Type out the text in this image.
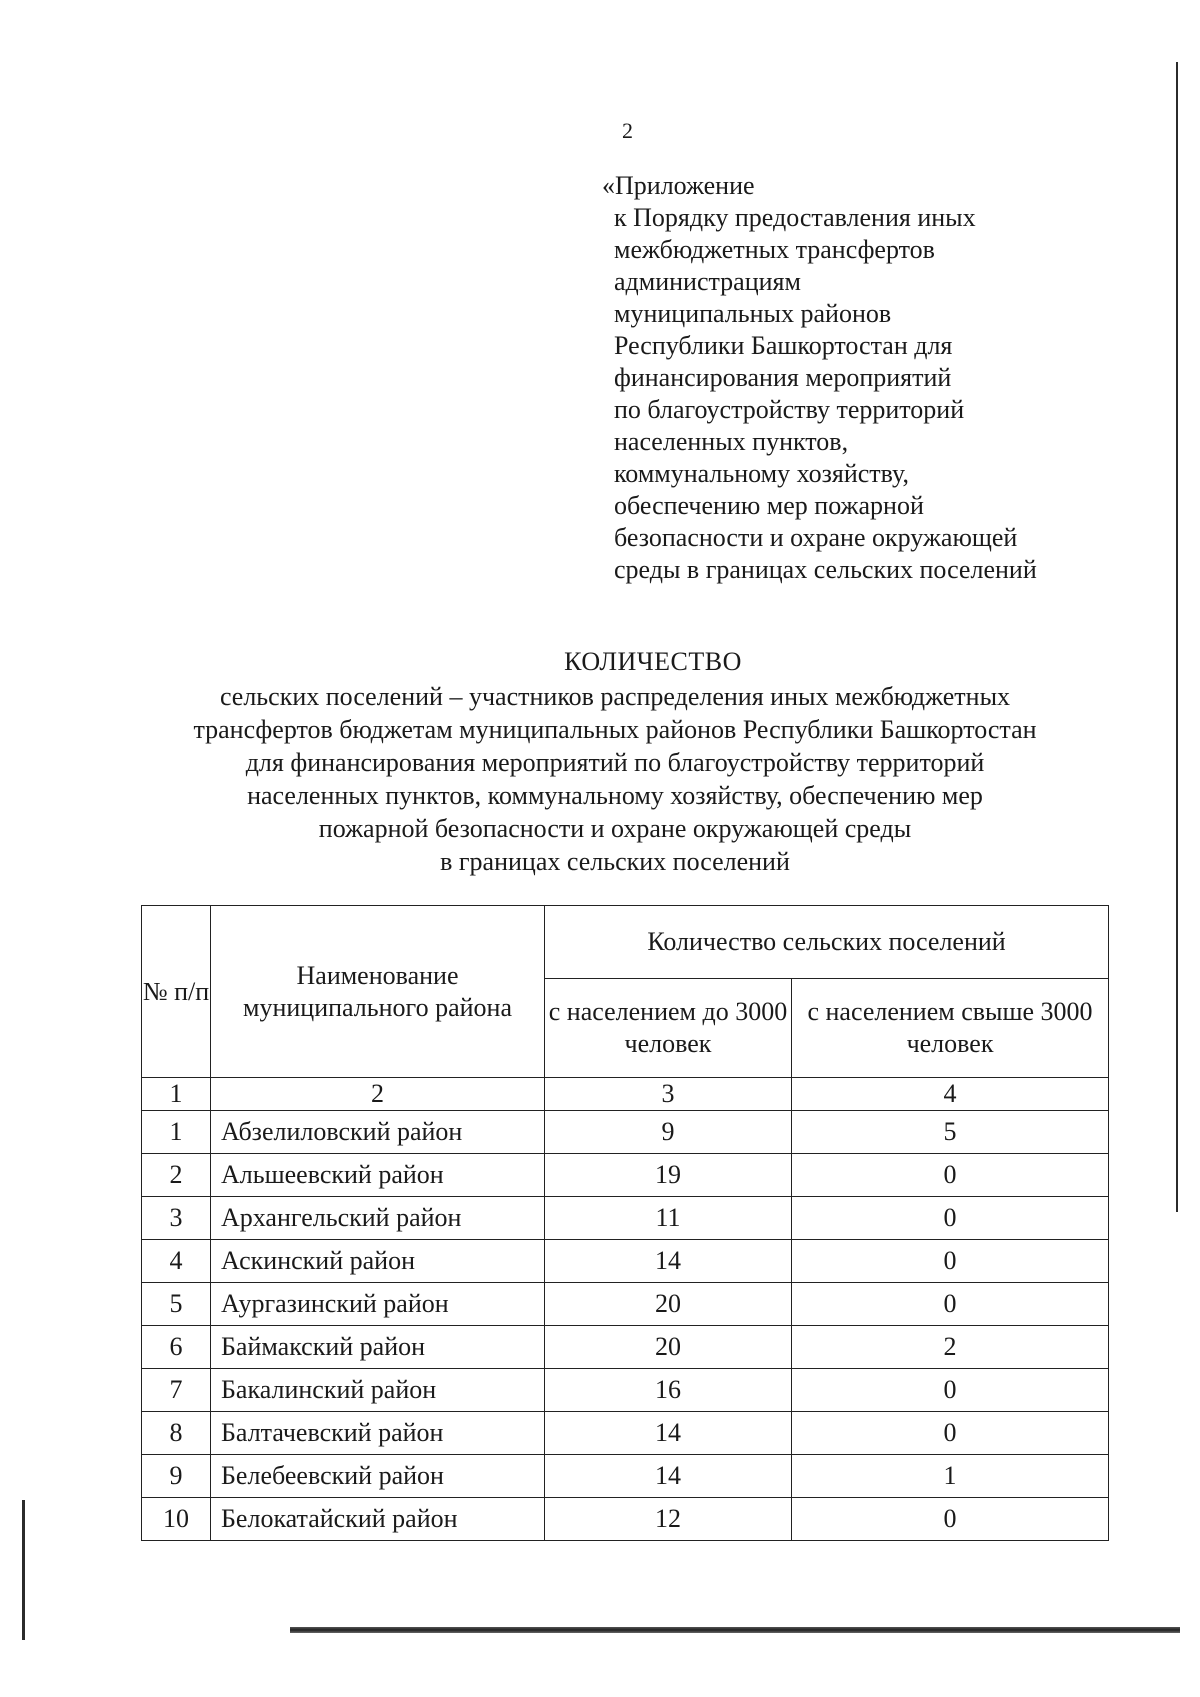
2
«Приложение
к Порядку предоставления иных
межбюджетных трансфертов
администрациям
муниципальных районов
Республики Башкортостан для
финансирования мероприятий
по благоустройству территорий
населенных пунктов,
коммунальному хозяйству,
обеспечению мер пожарной
безопасности и охране окружающей
среды в границах сельских поселений
КОЛИЧЕСТВО
сельских поселений – участников распределения иных межбюджетных
трансфертов бюджетам муниципальных районов Республики Башкортостан
для финансирования мероприятий по благоустройству территорий
населенных пунктов, коммунальному хозяйству, обеспечению мер
пожарной безопасности и охране окружающей среды
в границах сельских поселений
№ п/п	Наименование муниципального района	Количество сельских поселений	
		с населением до 3000 человек	с населением свыше 3000 человек
1	2	3	4
1	Абзелиловский район	9	5
2	Альшеевский район	19	0
3	Архангельский район	11	0
4	Аскинский район	14	0
5	Аургазинский район	20	0
6	Баймакский район	20	2
7	Бакалинский район	16	0
8	Балтачевский район	14	0
9	Белебеевский район	14	1
10	Белокатайский район	12	0
